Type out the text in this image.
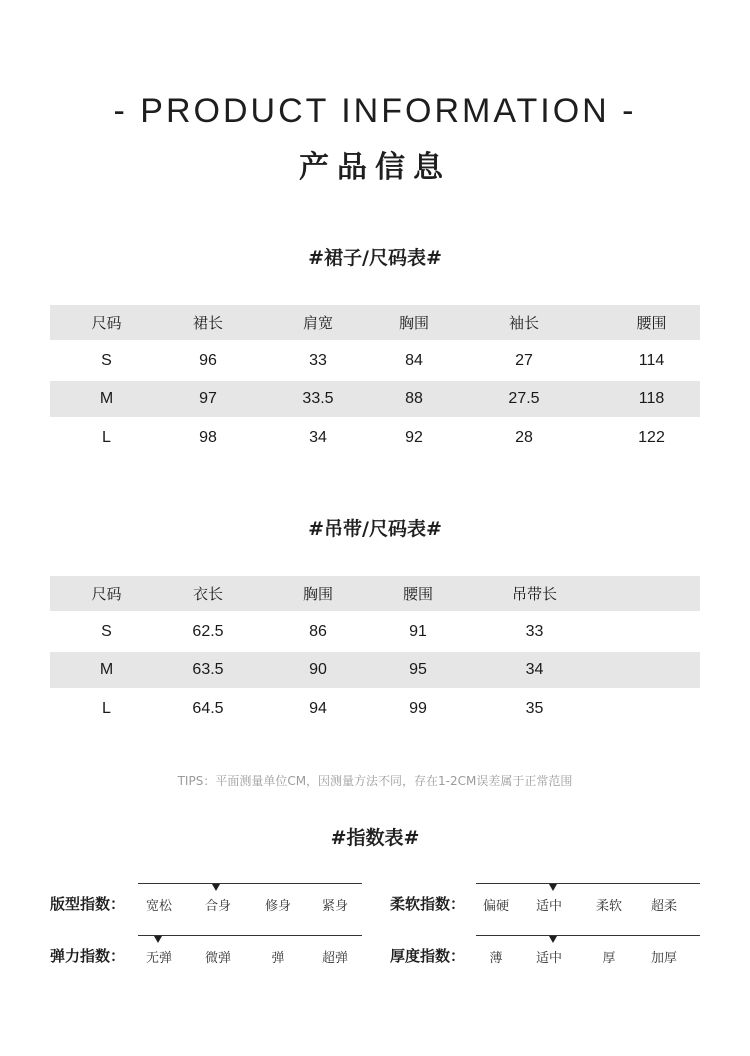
- PRODUCT INFORMATION -
产品信息
#裙子/尺码表#
尺码	裙长	肩宽	胸围	袖长	腰围
S	96	33	84	27	114
M	97	33.5	88	27.5	118
L	98	34	92	28	122
#吊带/尺码表#
尺码	衣长	胸围	腰围	吊带长	
S	62.5	86	91	33	
M	63.5	90	95	34	
L	64.5	94	99	35	
TIPS：平面测量单位CM，因测量方法不同，存在1-2CM误差属于正常范围
#指数表#
版型指数：	宽松	合身	修身	紧身	柔软指数：	偏硬	适中	柔软	超柔
弹力指数：	无弹	微弹	弹	超弹	厚度指数：	薄	适中	厚	加厚
